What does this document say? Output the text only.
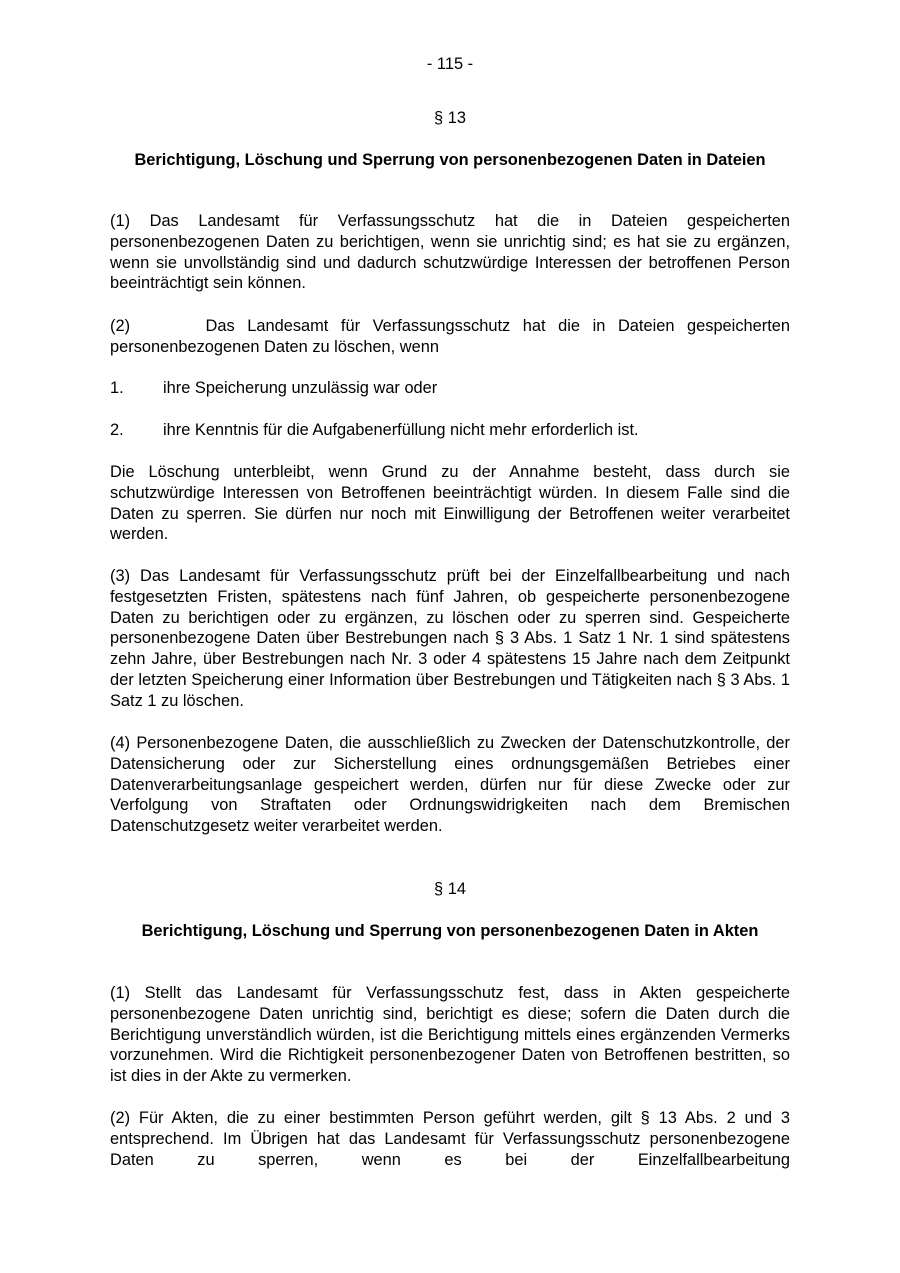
- 115 -
§ 13
Berichtigung, Löschung und Sperrung von personenbezogenen Daten in Dateien

(1) Das Landesamt für Verfassungsschutz hat die in Dateien gespeicherten personenbezogenen Daten zu berichtigen, wenn sie unrichtig sind; es hat sie zu ergänzen, wenn sie unvollständig sind und dadurch schutzwürdige Interessen der betroffenen Person beeinträchtigt sein können.

(2)      Das Landesamt für Verfassungsschutz hat die in Dateien gespeicherten personenbezogenen Daten zu löschen, wenn

1. ihre Speicherung unzulässig war oder
2. ihre Kenntnis für die Aufgabenerfüllung nicht mehr erforderlich ist.

Die Löschung unterbleibt, wenn Grund zu der Annahme besteht, dass durch sie schutzwürdige Interessen von Betroffenen beeinträchtigt würden. In diesem Falle sind die Daten zu sperren. Sie dürfen nur noch mit Einwilligung der Betroffenen weiter verarbeitet werden.

(3) Das Landesamt für Verfassungsschutz prüft bei der Einzelfallbearbeitung und nach festgesetzten Fristen, spätestens nach fünf Jahren, ob gespeicherte personenbezogene Daten zu berichtigen oder zu ergänzen, zu löschen oder zu sperren sind. Gespeicherte personenbezogene Daten über Bestrebungen nach § 3 Abs. 1 Satz 1 Nr. 1 sind spätestens zehn Jahre, über Bestrebungen nach Nr. 3 oder 4 spätestens 15 Jahre nach dem Zeitpunkt der letzten Speicherung einer Information über Bestrebungen und Tätigkeiten nach § 3 Abs. 1 Satz 1 zu löschen.

(4) Personenbezogene Daten, die ausschließlich zu Zwecken der Datenschutzkontrolle, der Datensicherung oder zur Sicherstellung eines ordnungsgemäßen Betriebes einer Datenverarbeitungsanlage gespeichert werden, dürfen nur für diese Zwecke oder zur Verfolgung von Straftaten oder Ordnungswidrigkeiten nach dem Bremischen Datenschutzgesetz weiter verarbeitet werden.

§ 14
Berichtigung, Löschung und Sperrung von personenbezogenen Daten in Akten

(1) Stellt das Landesamt für Verfassungsschutz fest, dass in Akten gespeicherte personenbezogene Daten unrichtig sind, berichtigt es diese; sofern die Daten durch die Berichtigung unverständlich würden, ist die Berichtigung mittels eines ergänzenden Vermerks vorzunehmen. Wird die Richtigkeit personenbezogener Daten von Betroffenen bestritten, so ist dies in der Akte zu vermerken.

(2) Für Akten, die zu einer bestimmten Person geführt werden, gilt § 13 Abs. 2 und 3 entsprechend. Im Übrigen hat das Landesamt für Verfassungsschutz personenbezogene Daten zu sperren, wenn es bei der Einzelfallbearbeitung
